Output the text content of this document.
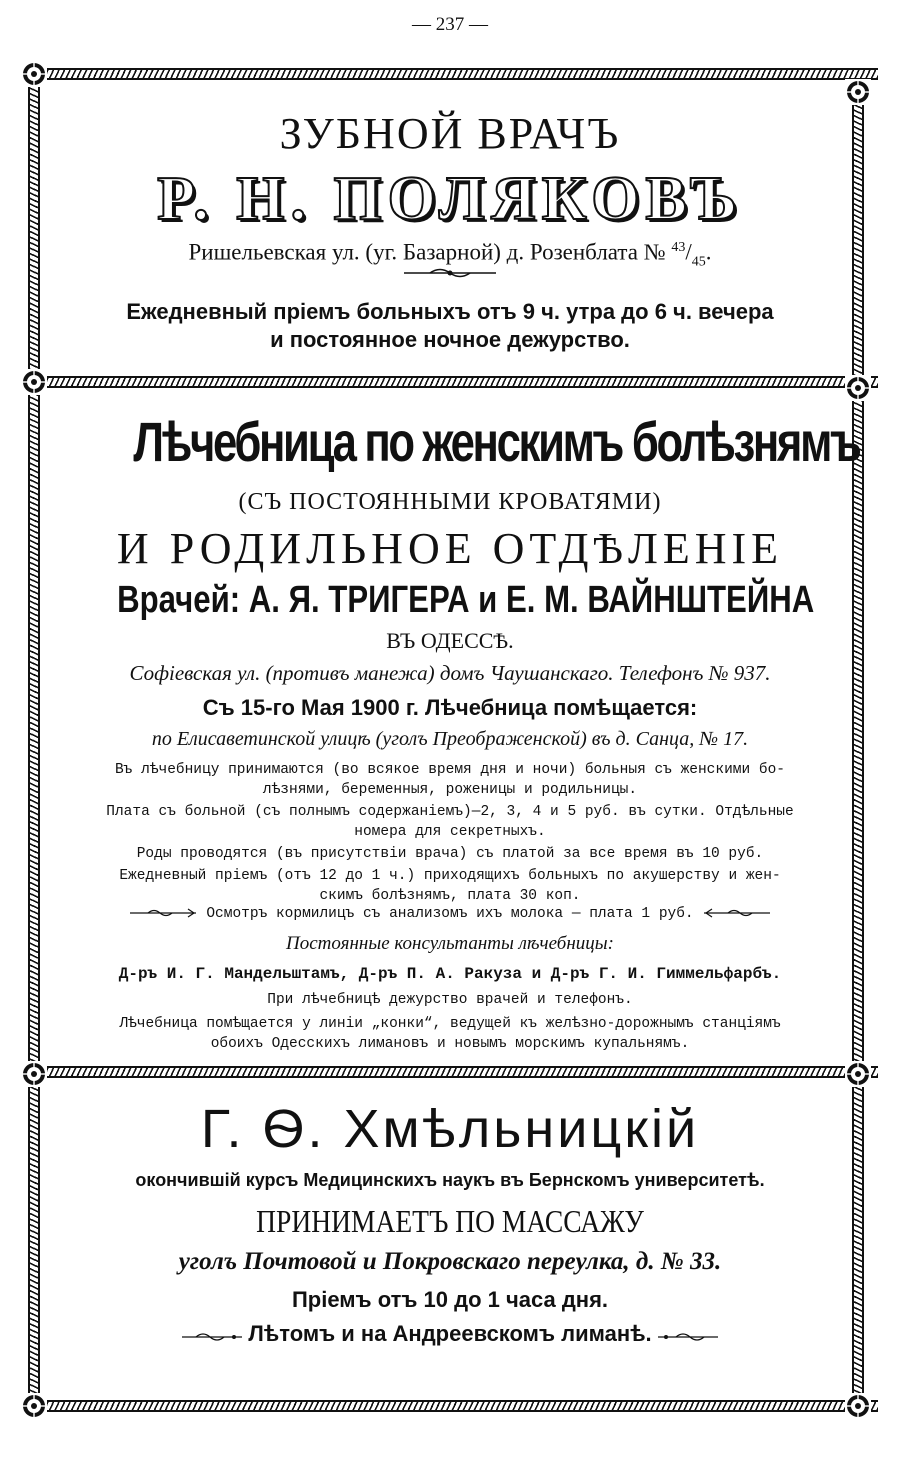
— 237 —
ЗУБНОЙ ВРАЧЪ
Р. Н. ПОЛЯКОВЪ
Ришельевская ул. (уг. Базарной) д. Розенблата № $^{43}/_{45}$.
Ежедневный пріемъ больныхъ отъ 9 ч. утра до 6 ч. вечера
и постоянное ночное дежурство.
Лѣчебница по женскимъ болѣзнямъ
(СЪ ПОСТОЯННЫМИ КРОВАТЯМИ)
И РОДИЛЬНОЕ ОТДѢЛЕНІЕ
Врачей: А. Я. ТРИГЕРА и Е. М. ВАЙНШТЕЙНА
ВЪ ОДЕССѢ.
Софіевская ул. (противъ манежа) домъ Чаушанскаго. Телефонъ № 937.
Съ 15-го Мая 1900 г. Лѣчебница помѣщается:
по Елисаветинской улицѣ (уголъ Преображенской) въ д. Санца, № 17.
Въ лѣчебницу принимаются (во всякое время дня и ночи) больныя съ женскими бо-
лѣзнями, беременныя, роженицы и родильницы.
Плата съ больной (съ полнымъ содержаніемъ)—2, 3, 4 и 5 руб. въ сутки. Отдѣльные
номера для секретныхъ.
Роды проводятся (въ присутствіи врача) съ платой за все время въ 10 руб.
Ежедневный пріемъ (отъ 12 до 1 ч.) приходящихъ больныхъ по акушерству и жен-
скимъ болѣзнямъ, плата 30 коп.
Осмотръ кормилицъ съ анализомъ ихъ молока — плата 1 руб.
Постоянные консультанты лѣчебницы:
Д-ръ И. Г. Мандельштамъ, Д-ръ П. А. Ракуза и Д-ръ Г. И. Гиммельфарбъ.
При лѣчебницѣ дежурство врачей и телефонъ.
Лѣчебница помѣщается у линіи „конки“, ведущей къ желѣзно-дорожнымъ станціямъ
обоихъ Одесскихъ лимановъ и новымъ морскимъ купальнямъ.
Г. Ѳ. Хмѣльницкій
окончившій курсъ Медицинскихъ наукъ въ Бернскомъ университетѣ.
ПРИНИМАЕТЪ ПО МАССАЖУ
уголъ Почтовой и Покровскаго переулка, д. № 33.
Пріемъ отъ 10 до 1 часа дня.
Лѣтомъ и на Андреевскомъ лиманѣ.
